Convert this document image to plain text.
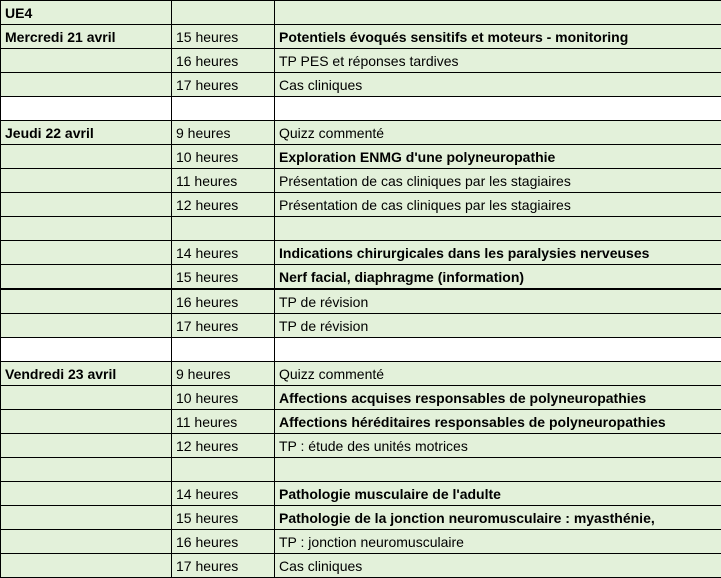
UE4		
Mercredi 21 avril	15 heures	Potentiels évoqués sensitifs et moteurs - monitoring
	16 heures	TP PES et réponses tardives
	17 heures	Cas cliniques

Jeudi 22 avril	9 heures	Quizz commenté
	10 heures	Exploration ENMG d'une polyneuropathie
	11 heures	Présentation de cas cliniques par les stagiaires
	12 heures	Présentation de cas cliniques par les stagiaires

	14 heures	Indications chirurgicales dans les paralysies nerveuses
	15 heures	Nerf facial, diaphragme (information)
	16 heures	TP de révision
	17 heures	TP de révision

Vendredi 23 avril	9 heures	Quizz commenté
	10 heures	Affections acquises responsables de polyneuropathies
	11 heures	Affections héréditaires responsables de polyneuropathies
	12 heures	TP : étude des unités motrices

	14 heures	Pathologie musculaire de l'adulte
	15 heures	Pathologie de la jonction neuromusculaire : myasthénie,
	16 heures	TP : jonction neuromusculaire
	17 heures	Cas cliniques
